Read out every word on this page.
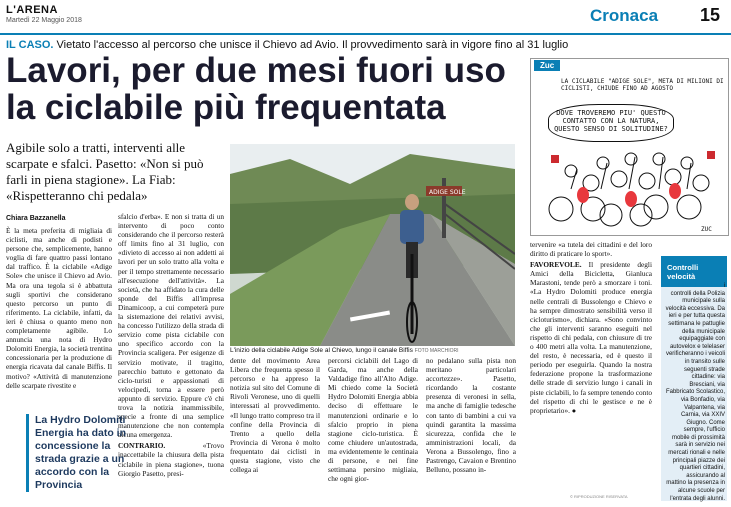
L'ARENA
Martedì 22 Maggio 2018	Cronaca 15
IL CASO. Vietato l'accesso al percorso che unisce il Chievo ad Avio. Il provvedimento sarà in vigore fino al 31 luglio
Lavori, per due mesi fuori uso la ciclabile più frequentata
Agibile solo a tratti, interventi alle scarpate e sfalci. Pasetto: «Non si può farli in piena stagione». La Fiab: «Rispetteranno chi pedala»
Chiara Bazzanella

È la meta preferita di migliaia di ciclisti, ma anche di podisti e persone che, semplicemente, hanno voglia di fare quattro passi lontano dal traffico. È la ciclabile «Adige Sole» che unisce il Chievo ad Avio. Ma ora una tegola si è abbattuta sugli sportivi che considerano questo percorso un punto di riferimento. La ciclabile, infatti, da ieri è chiusa o quanto meno non completamente agibile. Lo annuncia una nota di Hydro Dolomiti Energia, la società trentina concessionaria per la produzione di energia ricavata dal canale Biffis. Il motivo? «Attività di manutenzione delle scarpate rivestite e

sfalcio d'erba». E non si tratta di un intervento di poco conto considerando che il percorso resterà off limits fino al 31 luglio, con «divieto di accesso ai non addetti ai lavori per un solo tratto alla volta e per il tempo strettamente necessario all'esecuzione dell'attività». La società, che ha affidato la cura delle sponde del Biffis all'impresa Dinamicoop, a cui competerà pure la sistemazione dei relativi avvisi, ha concesso l'utilizzo della strada di servizio come pista ciclabile con uno specifico accordo con la Provincia scaligera. Per esigenze di servizio motivate, il tragitto, parecchio battuto e gettonato da ciclo-turisti e appassionati di velocipedi, torna a essere però appunto di servizio. Eppure c'è chi trova la notizia inammissibile, specie a fronte di una semplice manutenzione che non contempla alcuna emergenza.

CONTRARIO. «Trovo inaccettabile la chiusura della pista ciclabile in piena stagione», tuona Giorgio Pasetto, presi-

dente del movimento Area Libera che frequenta spesso il percorso e ha appreso la notizia sul sito del Comune di Rivoli Veronese, uno di quelli interessati al provvedimento. «Il lungo tratto compreso tra il confine della Provincia di Trento a quello della Provincia di Verona è molto frequentato dai ciclisti in questa stagione, visto che collega ai

percorsi ciclabili del Lago di Garda, ma anche della Valdadige fino all'Alto Adige. Mi chiedo come la Società Hydro Dolomiti Energia abbia deciso di effettuare le manutenzioni ordinarie e lo sfalcio proprio in piena stagione ciclo-turistica. È come chiudere un'autostrada, ma evidentemente le centinaia di persone, e nei fine settimana persino migliaia, che ogni gior-

no pedalano sulla pista non meritano particolari accortezze». Pasetto, ricordando la costante presenza di veronesi in sella, ma anche di famiglie tedesche con tanto di bambini a cui va quindi garantita la massima sicurezza, confida che le amministrazioni locali, da Verona a Bussolengo, fino a Pastrengo, Cavaion e Brentino Belluno, possano in-

tervenire «a tutela dei cittadini e del loro diritto di praticare lo sport».

FAVOREVOLE. Il presidente degli Amici della Bicicletta, Gianluca Marastoni, tende però a smorzare i toni. «La Hydro Dolomiti produce energia nelle centrali di Bussolengo e Chievo e ha sempre dimostrato sensibilità verso il cicloturismo», dichiara. «Sono convinto che gli interventi saranno eseguiti nel rispetto di chi pedala, con chiusure di tre o 400 metri alla volta. La manutenzione, del resto, è necessaria, ed è questo il periodo per eseguirla. Quando la nostra federazione propone la trasformazione delle strade di servizio lungo i canali in piste ciclabili, lo fa sempre tenendo conto del rispetto di chi le gestisce e ne è proprietario». ●

La Hydro Dolomiti Energia ha dato in concessione la strada grazie a un accordo con la Provincia
ADIGE SOLE
L'inizio della ciclabile Adige Sole al Chievo, lungo il canale Biffis FOTO MARCHIORI
ZUC
Zuc
LA CICLABILE "ADIGE SOLE", META DI MILIONI DI CICLISTI, CHIUDE FINO AD AGOSTO
DOVE TROVEREMO PIU' QUESTO CONTATTO CON LA NATURA, QUESTO SENSO DI SOLITUDINE?
Controlli velocità
PROSEGUONO i controlli della Polizia municipale sulla velocità eccessiva. Da ieri e per tutta questa settimana le pattuglie della municipale equipaggiate con autovelox e telelaser verificheranno i veicoli in transito sulle seguenti strade cittadine: via Bresciani, via Fabbricato Scolastico, via Bonfadio, via Valpantena, via Carnia, via XXIV Giugno. Come sempre, l'ufficio mobile di prossimità sarà in servizio nei mercati rionali e nelle principali piazze dei quartieri cittadini, assicurando al mattino la presenza in alcune scuole per l'entrata degli alunni.
© RIPRODUZIONE RISERVATA
